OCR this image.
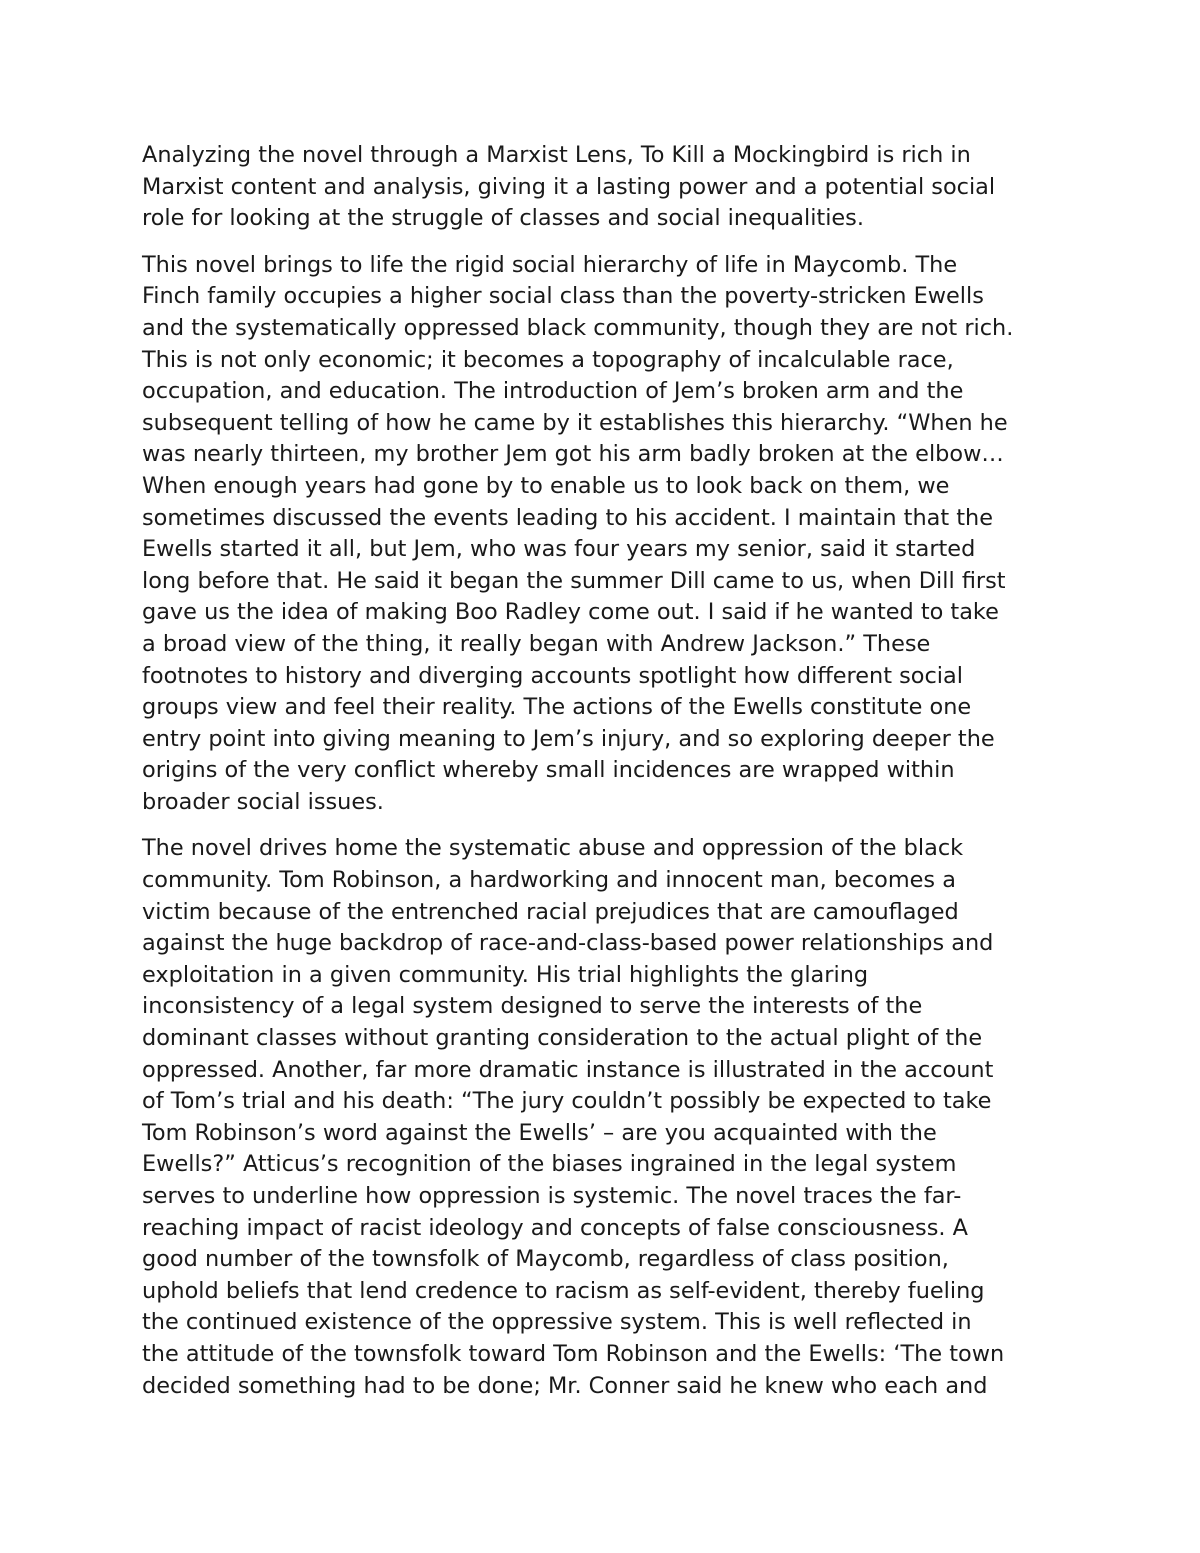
Analyzing the novel through a Marxist Lens, To Kill a Mockingbird is rich in
Marxist content and analysis, giving it a lasting power and a potential social
role for looking at the struggle of classes and social inequalities.
This novel brings to life the rigid social hierarchy of life in Maycomb. The
Finch family occupies a higher social class than the poverty-stricken Ewells
and the systematically oppressed black community, though they are not rich.
This is not only economic; it becomes a topography of incalculable race,
occupation, and education. The introduction of Jem’s broken arm and the
subsequent telling of how he came by it establishes this hierarchy. “When he
was nearly thirteen, my brother Jem got his arm badly broken at the elbow…
When enough years had gone by to enable us to look back on them, we
sometimes discussed the events leading to his accident. I maintain that the
Ewells started it all, but Jem, who was four years my senior, said it started
long before that. He said it began the summer Dill came to us, when Dill first
gave us the idea of making Boo Radley come out. I said if he wanted to take
a broad view of the thing, it really began with Andrew Jackson.” These
footnotes to history and diverging accounts spotlight how different social
groups view and feel their reality. The actions of the Ewells constitute one
entry point into giving meaning to Jem’s injury, and so exploring deeper the
origins of the very conflict whereby small incidences are wrapped within
broader social issues.
The novel drives home the systematic abuse and oppression of the black
community. Tom Robinson, a hardworking and innocent man, becomes a
victim because of the entrenched racial prejudices that are camouflaged
against the huge backdrop of race-and-class-based power relationships and
exploitation in a given community. His trial highlights the glaring
inconsistency of a legal system designed to serve the interests of the
dominant classes without granting consideration to the actual plight of the
oppressed. Another, far more dramatic instance is illustrated in the account
of Tom’s trial and his death: “The jury couldn’t possibly be expected to take
Tom Robinson’s word against the Ewells’ – are you acquainted with the
Ewells?” Atticus’s recognition of the biases ingrained in the legal system
serves to underline how oppression is systemic. The novel traces the far-
reaching impact of racist ideology and concepts of false consciousness. A
good number of the townsfolk of Maycomb, regardless of class position,
uphold beliefs that lend credence to racism as self-evident, thereby fueling
the continued existence of the oppressive system. This is well reflected in
the attitude of the townsfolk toward Tom Robinson and the Ewells: ‘The town
decided something had to be done; Mr. Conner said he knew who each and
